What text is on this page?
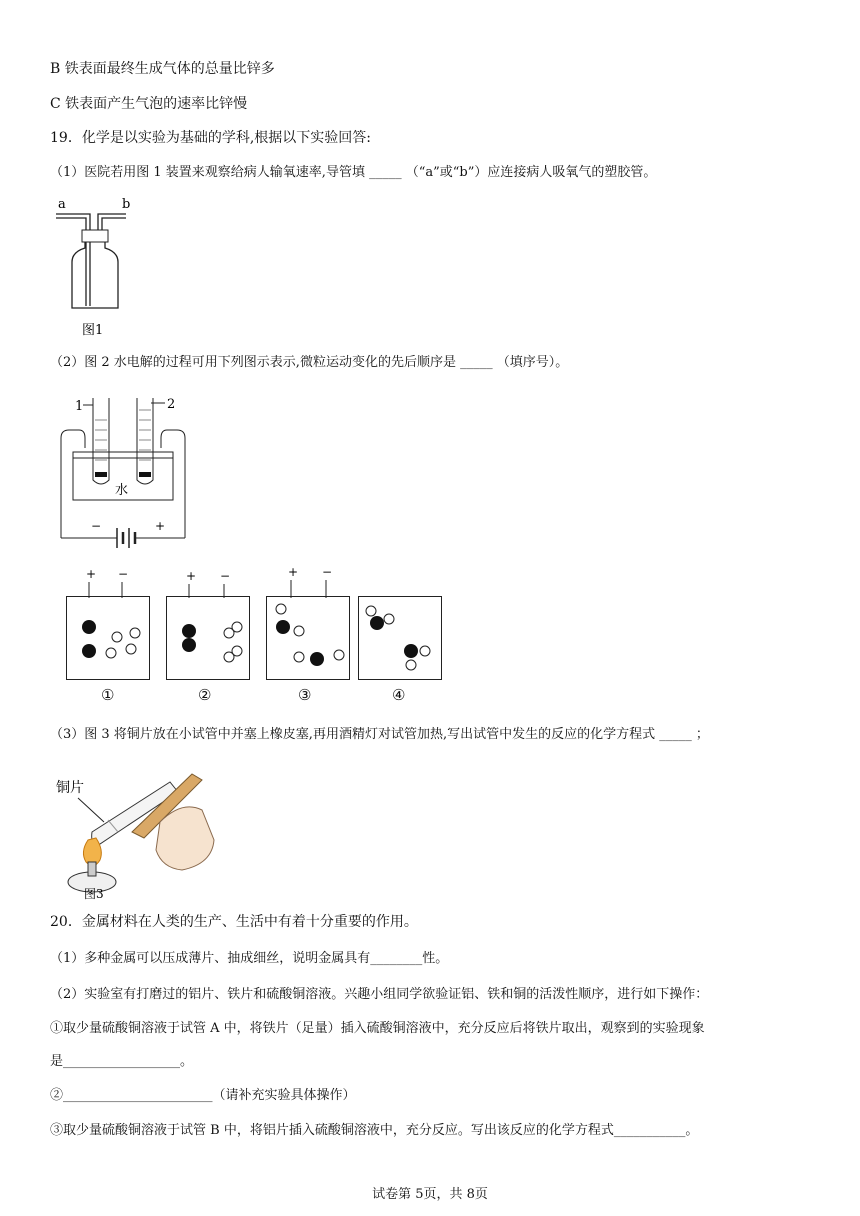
B 铁表面最终生成气体的总量比锌多
C 铁表面产生气泡的速率比锌慢
19．化学是以实验为基础的学科,根据以下实验回答:
（1）医院若用图 1 装置来观察给病人输氧速率,导管填 _____ （“a”或“b”）应连接病人吸氧气的塑胶管。
a	b
图1
（2）图 2 水电解的过程可用下列图示表示,微粒运动变化的先后顺序是 _____ （填序号）。
1	2
水
−	+
+ −	+ −	+ −
①	②	③	④
（3）图 3 将铜片放在小试管中并塞上橡皮塞,再用酒精灯对试管加热,写出试管中发生的反应的化学方程式 _____ ；
铜片
图3
20．金属材料在人类的生产、生活中有着十分重要的作用。
（1）多种金属可以压成薄片、抽成细丝，说明金属具有________性。
（2）实验室有打磨过的铝片、铁片和硫酸铜溶液。兴趣小组同学欲验证铝、铁和铜的活泼性顺序，进行如下操作：
①取少量硫酸铜溶液于试管 A 中，将铁片（足量）插入硫酸铜溶液中，充分反应后将铁片取出，观察到的实验现象
是__________________。
②_______________________（请补充实验具体操作）
③取少量硫酸铜溶液于试管 B 中，将铝片插入硫酸铜溶液中，充分反应。写出该反应的化学方程式___________。
试卷第 5页，共 8页
